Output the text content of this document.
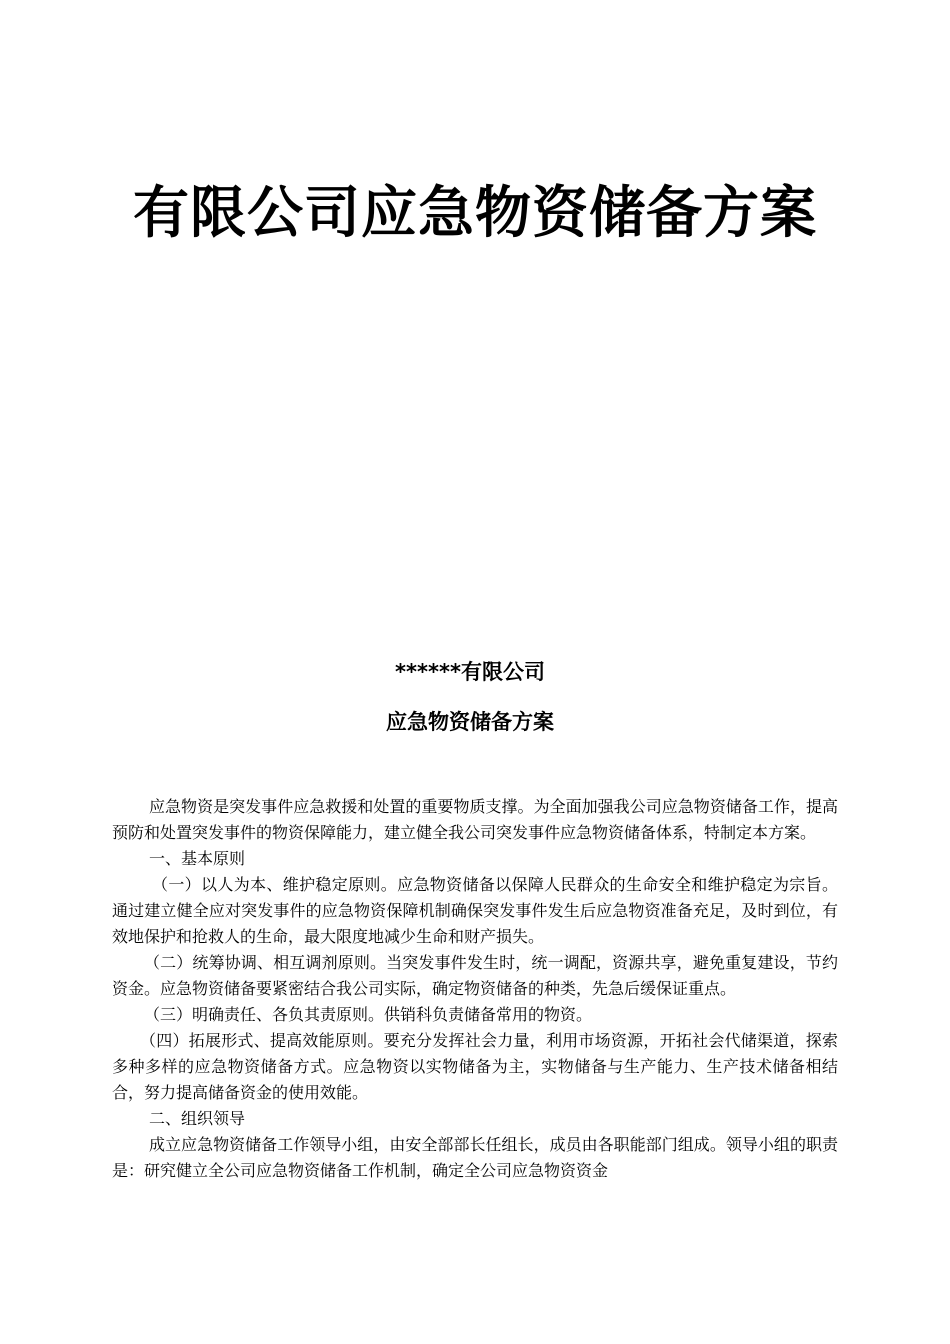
有限公司应急物资储备方案
******有限公司
应急物资储备方案

应急物资是突发事件应急救援和处置的重要物质支撑。为全面加强我公司应急物资储备工作，提高预防和处置突发事件的物资保障能力，建立健全我公司突发事件应急物资储备体系，特制定本方案。

一、基本原则

（一）以人为本、维护稳定原则。应急物资储备以保障人民群众的生命安全和维护稳定为宗旨。通过建立健全应对突发事件的应急物资保障机制确保突发事件发生后应急物资准备充足，及时到位，有效地保护和抢救人的生命，最大限度地减少生命和财产损失。

（二）统筹协调、相互调剂原则。当突发事件发生时，统一调配，资源共享，避免重复建设，节约资金。应急物资储备要紧密结合我公司实际，确定物资储备的种类，先急后缓保证重点。

（三）明确责任、各负其责原则。供销科负责储备常用的物资。

（四）拓展形式、提高效能原则。要充分发挥社会力量，利用市场资源，开拓社会代储渠道，探索多种多样的应急物资储备方式。应急物资以实物储备为主，实物储备与生产能力、生产技术储备相结合，努力提高储备资金的使用效能。

二、组织领导

成立应急物资储备工作领导小组，由安全部部长任组长，成员由各职能部门组成。领导小组的职责是：研究健立全公司应急物资储备工作机制，确定全公司应急物资资金
